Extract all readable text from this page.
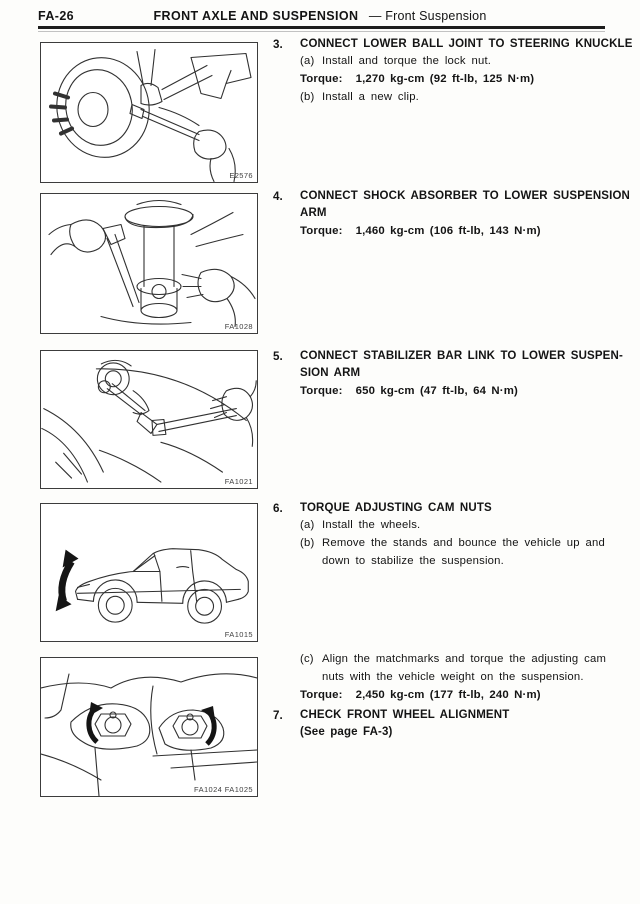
FA-26	FRONT AXLE AND SUSPENSION — Front Suspension
E2576
FA1028
FA1021
FA1015
FA1024 FA1025
3.	CONNECT LOWER BALL JOINT TO STEERING KNUCKLE
(a) Install and torque the lock nut.
Torque: 1,270 kg-cm (92 ft-lb, 125 N·m)
(b) Install a new clip.
4.	CONNECT SHOCK ABSORBER TO LOWER SUSPENSION
ARM
Torque: 1,460 kg-cm (106 ft-lb, 143 N·m)
5.	CONNECT STABILIZER BAR LINK TO LOWER SUSPEN-
SION ARM
Torque: 650 kg-cm (47 ft-lb, 64 N·m)
6.	TORQUE ADJUSTING CAM NUTS
(a) Install the wheels.
(b) Remove the stands and bounce the vehicle up and down to stabilize the suspension.
(c) Align the matchmarks and torque the adjusting cam nuts with the vehicle weight on the suspension.
Torque: 2,450 kg-cm (177 ft-lb, 240 N·m)
7.	CHECK FRONT WHEEL ALIGNMENT
(See page FA-3)
